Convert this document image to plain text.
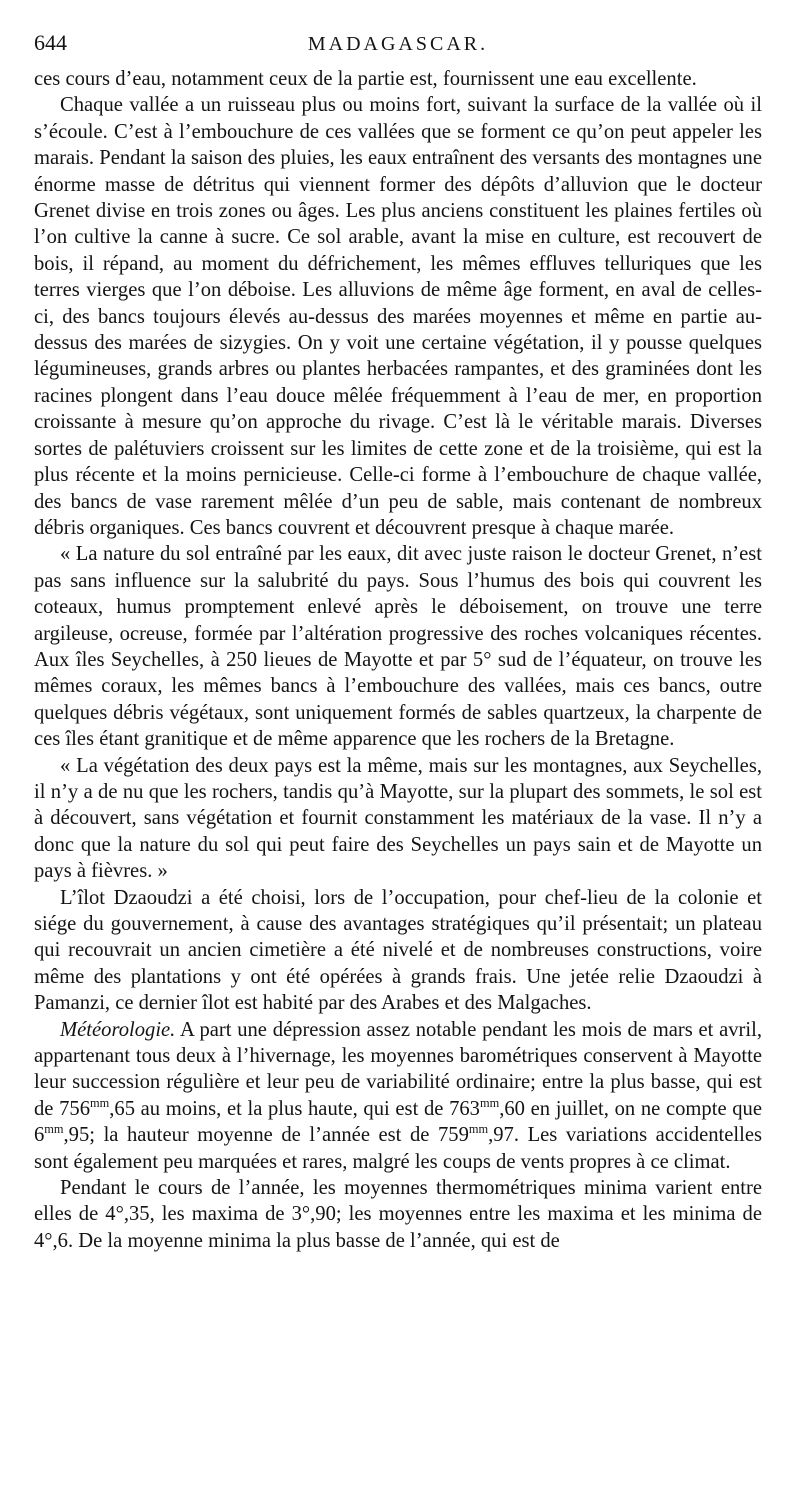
644	MADAGASCAR.

ces cours d’eau, notamment ceux de la partie est, fournissent une eau excellente.

Chaque vallée a un ruisseau plus ou moins fort, suivant la surface de la vallée où il s’écoule. C’est à l’embouchure de ces vallées que se forment ce qu’on peut appeler les marais. Pendant la saison des pluies, les eaux entraînent des versants des montagnes une énorme masse de détritus qui viennent former des dépôts d’alluvion que le docteur Grenet divise en trois zones ou âges. Les plus anciens constituent les plaines fertiles où l’on cultive la canne à sucre. Ce sol arable, avant la mise en culture, est recouvert de bois, il répand, au moment du défrichement, les mêmes effluves telluriques que les terres vierges que l’on déboise. Les alluvions de même âge forment, en aval de celles-ci, des bancs toujours élevés au-dessus des marées moyennes et même en partie au-dessus des marées de sizygies. On y voit une certaine végétation, il y pousse quelques légumineuses, grands arbres ou plantes herbacées rampantes, et des graminées dont les racines plongent dans l’eau douce mêlée fréquemment à l’eau de mer, en proportion croissante à mesure qu’on approche du rivage. C’est là le véritable marais. Diverses sortes de palétuviers croissent sur les limites de cette zone et de la troisième, qui est la plus récente et la moins pernicieuse. Celle-ci forme à l’embouchure de chaque vallée, des bancs de vase rarement mêlée d’un peu de sable, mais contenant de nombreux débris organiques. Ces bancs couvrent et découvrent presque à chaque marée.

« La nature du sol entraîné par les eaux, dit avec juste raison le docteur Grenet, n’est pas sans influence sur la salubrité du pays. Sous l’humus des bois qui couvrent les coteaux, humus promptement enlevé après le déboisement, on trouve une terre argileuse, ocreuse, formée par l’altération progressive des roches volcaniques récentes. Aux îles Seychelles, à 250 lieues de Mayotte et par 5° sud de l’équateur, on trouve les mêmes coraux, les mêmes bancs à l’embouchure des vallées, mais ces bancs, outre quelques débris végétaux, sont uniquement formés de sables quartzeux, la charpente de ces îles étant granitique et de même apparence que les rochers de la Bretagne.

« La végétation des deux pays est la même, mais sur les montagnes, aux Seychelles, il n’y a de nu que les rochers, tandis qu’à Mayotte, sur la plupart des sommets, le sol est à découvert, sans végétation et fournit constamment les matériaux de la vase. Il n’y a donc que la nature du sol qui peut faire des Seychelles un pays sain et de Mayotte un pays à fièvres. »

L’îlot Dzaoudzi a été choisi, lors de l’occupation, pour chef-lieu de la colonie et siége du gouvernement, à cause des avantages stratégiques qu’il présentait; un plateau qui recouvrait un ancien cimetière a été nivelé et de nombreuses constructions, voire même des plantations y ont été opérées à grands frais. Une jetée relie Dzaoudzi à Pamanzi, ce dernier îlot est habité par des Arabes et des Malgaches.

Météorologie. A part une dépression assez notable pendant les mois de mars et avril, appartenant tous deux à l’hivernage, les moyennes barométriques conservent à Mayotte leur succession régulière et leur peu de variabilité ordinaire; entre la plus basse, qui est de $756^{mm},65$ au moins, et la plus haute, qui est de $763^{mm},60$ en juillet, on ne compte que $6^{mm},95$; la hauteur moyenne de l’année est de $759^{mm},97$. Les variations accidentelles sont également peu marquées et rares, malgré les coups de vents propres à ce climat.

Pendant le cours de l’année, les moyennes thermométriques minima varient entre elles de 4°,35, les maxima de 3°,90; les moyennes entre les maxima et les minima de 4°,6. De la moyenne minima la plus basse de l’année, qui est de
